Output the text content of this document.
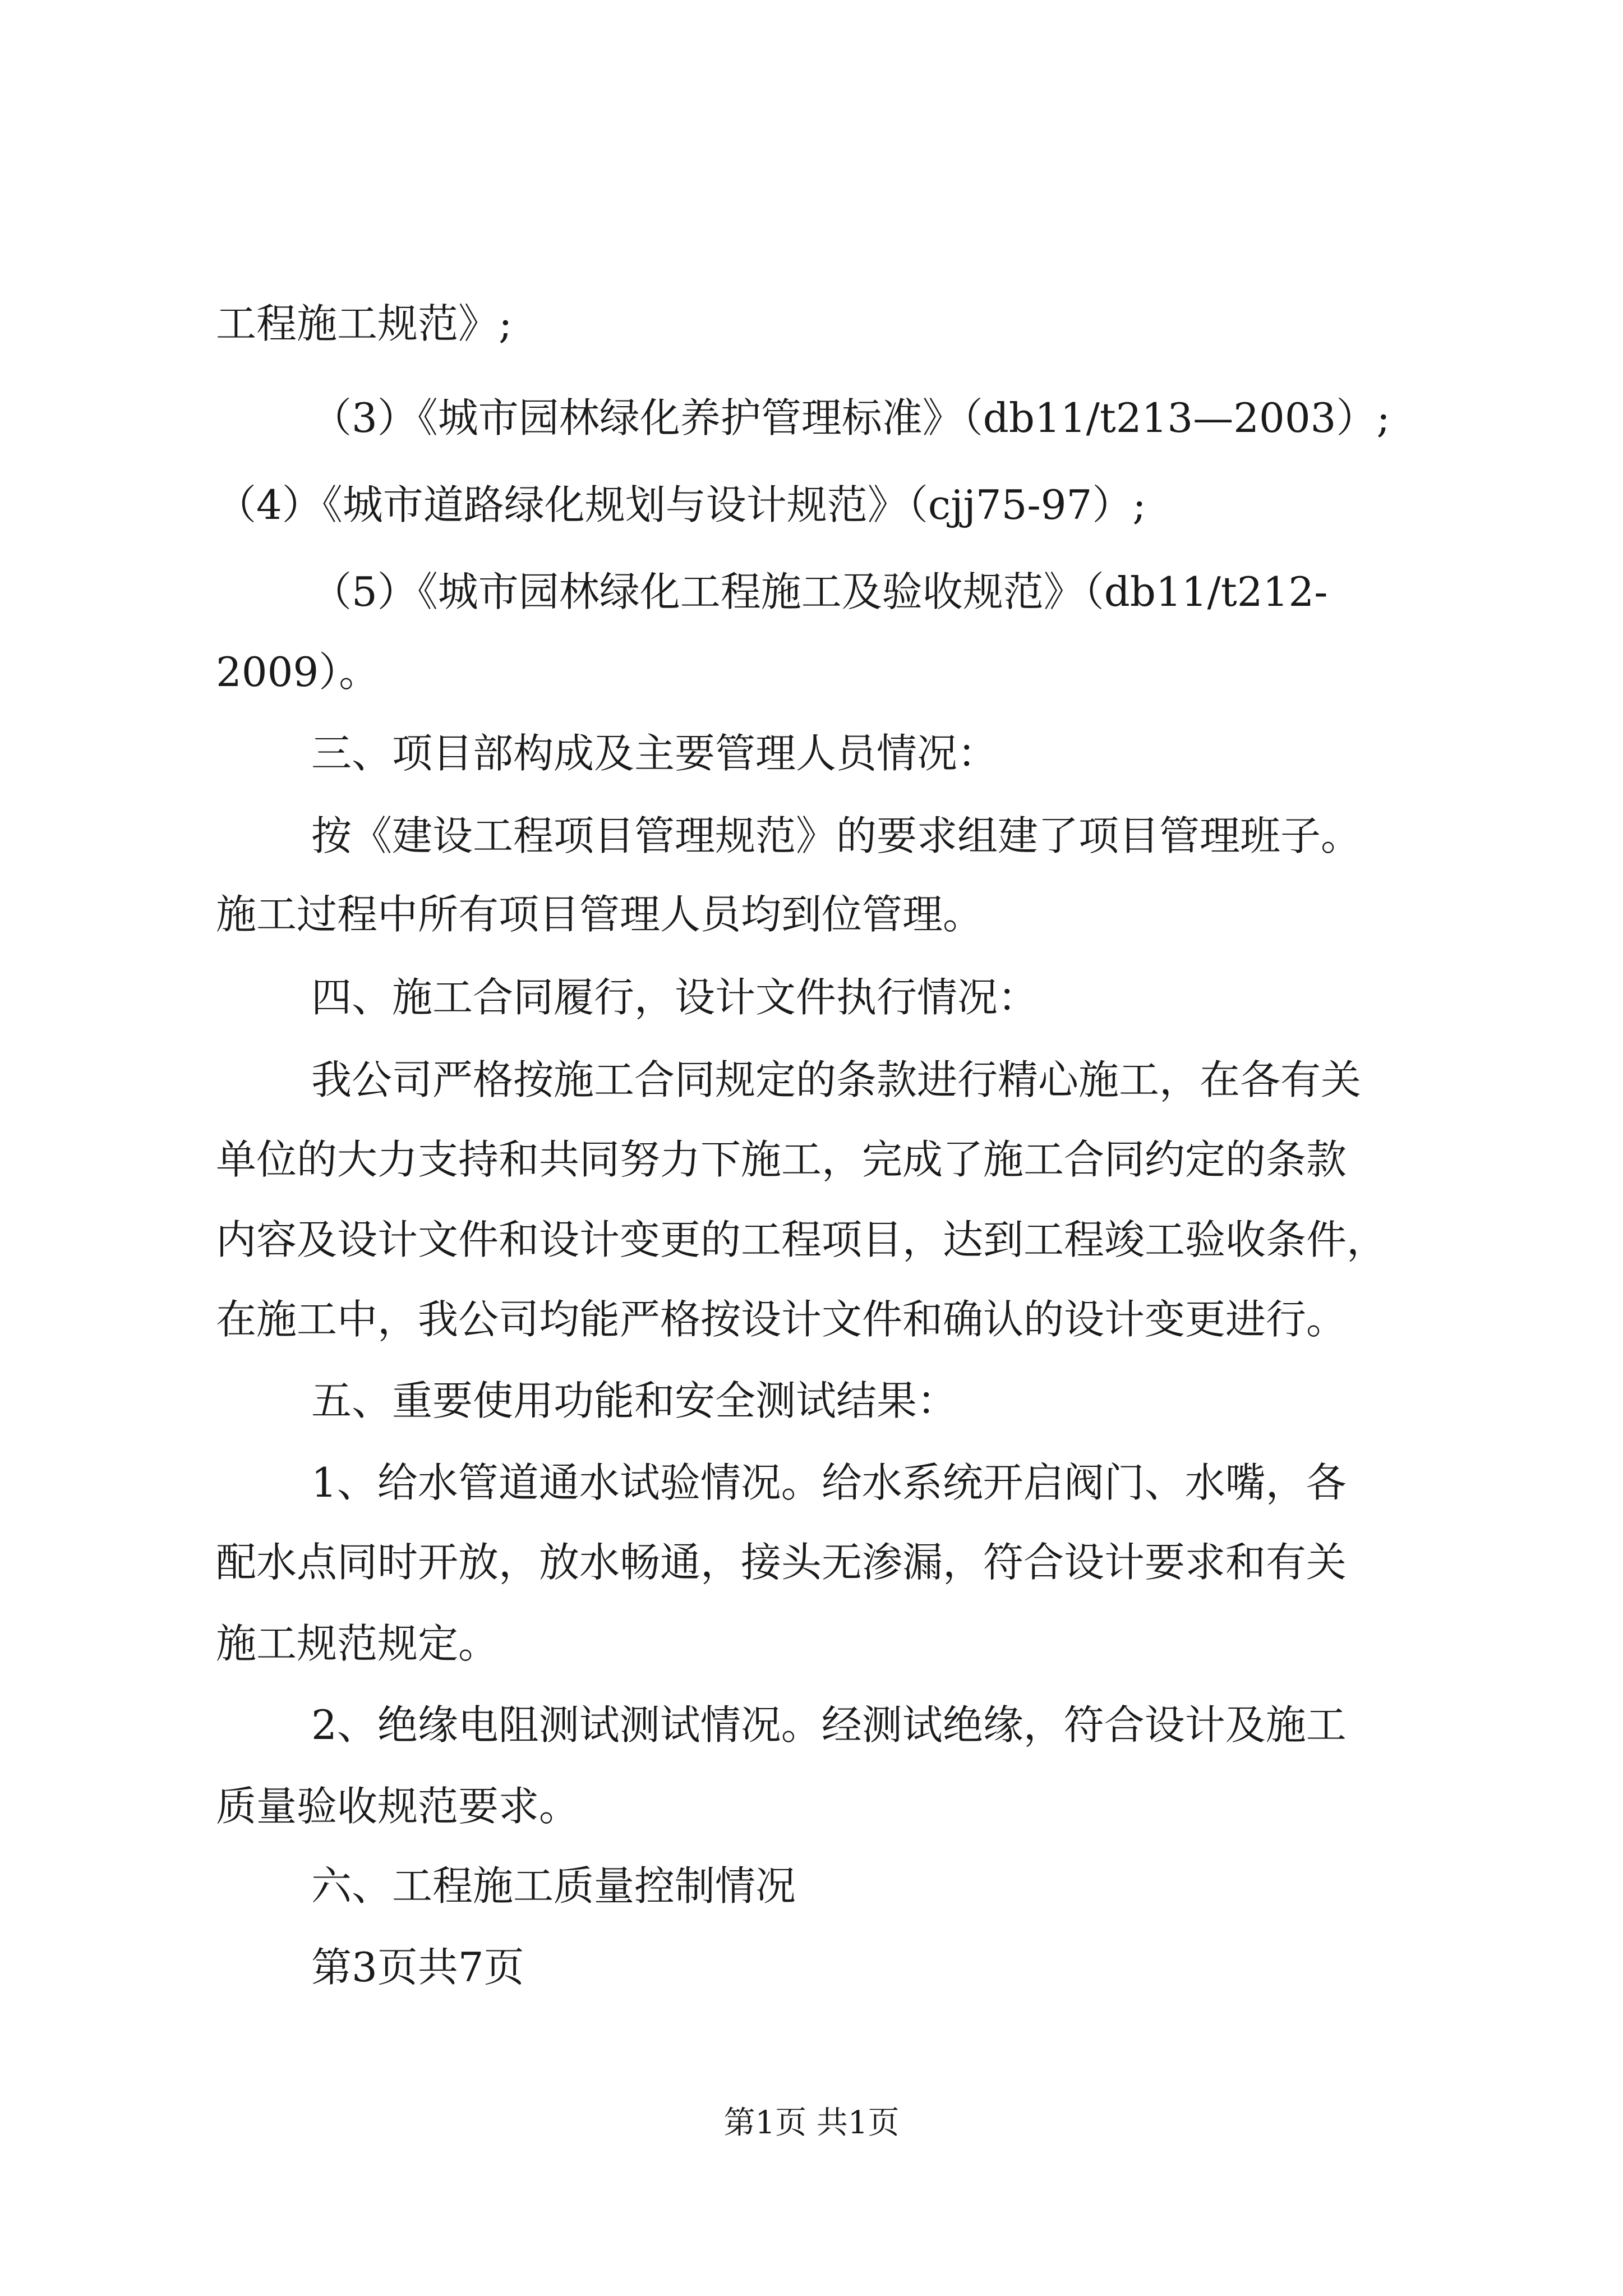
工程施工规范》;
（3）《城市园林绿化养护管理标准》（db11/t213—2003）;
（4）《城市道路绿化规划与设计规范》（cjj75-97）;
（5）《城市园林绿化工程施工及验收规范》（db11/t212-
2009）。
三、项目部构成及主要管理人员情况：
按《建设工程项目管理规范》的要求组建了项目管理班子。
施工过程中所有项目管理人员均到位管理。
四、施工合同履行，设计文件执行情况：
我公司严格按施工合同规定的条款进行精心施工，在各有关
单位的大力支持和共同努力下施工，完成了施工合同约定的条款
内容及设计文件和设计变更的工程项目，达到工程竣工验收条件，
在施工中，我公司均能严格按设计文件和确认的设计变更进行。
五、重要使用功能和安全测试结果：
1、给水管道通水试验情况。给水系统开启阀门、水嘴，各
配水点同时开放，放水畅通，接头无渗漏，符合设计要求和有关
施工规范规定。
2、绝缘电阻测试测试情况。经测试绝缘，符合设计及施工
质量验收规范要求。
六、工程施工质量控制情况
第3页共7页
第1页 共1页
